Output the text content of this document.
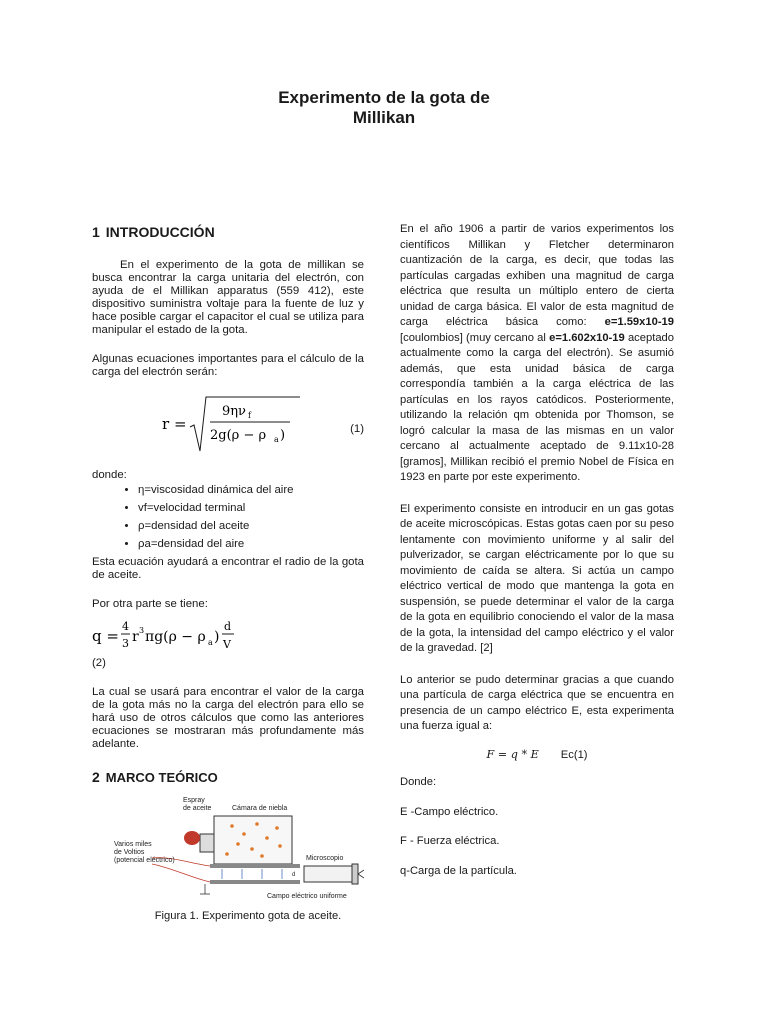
Experimento de la gota de
Millikan
1 INTRODUCCIÓN

En el experimento de la gota de millikan se busca encontrar la carga unitaria del electrón, con ayuda de el Millikan apparatus (559 412), este dispositivo suministra voltaje para la fuente de luz y hace posible cargar el capacitor el cual se utiliza para manipular el estado de la gota.

Algunas ecuaciones importantes para el cálculo de la carga del electrón serán:

r =
9ην f
2g(ρ − ρ a )	(1)
donde:
• η=viscosidad dinámica del aire
• vf=velocidad terminal
• ρ=densidad del aceite
• ρa=densidad del aire

Esta ecuación ayudará a encontrar el radio de la gota de aceite.

Por otra parte se tiene:

q =
4
3 r 3 πg(ρ − ρ a )
d
V
(2)

La cual se usará para encontrar el valor de la carga de la gota más no la carga del electrón para ello se hará uso de otros cálculos que como las anteriores ecuaciones se mostraran más profundamente más adelante.

2 MARCO TEÓRICO
Espray
de aceite	Cámara de niebla
Varios miles
de Voltios
(potencial eléctrico)	Microscopio
Campo eléctrico uniforme
d
Figura 1. Experimento gota de aceite.

En el año 1906 a partir de varios experimentos los científicos Millikan y Fletcher determinaron cuantización de la carga, es decir, que todas las partículas cargadas exhiben una magnitud de carga eléctrica que resulta un múltiplo entero de cierta unidad de carga básica. El valor de esta magnitud de carga eléctrica básica como: e=1.59x10-19 [coulombios] (muy cercano al e=1.602x10-19 aceptado actualmente como la carga del electrón). Se asumió además, que esta unidad básica de carga correspondía también a la carga eléctrica de las partículas en los rayos catódicos. Posteriormente, utilizando la relación qm obtenida por Thomson, se logró calcular la masa de las mismas en un valor cercano al actualmente aceptado de 9.11x10-28 [gramos], Millikan recibió el premio Nobel de Física en 1923 en parte por este experimento.

El experimento consiste en introducir en un gas gotas de aceite microscópicas. Estas gotas caen por su peso lentamente con movimiento uniforme y al salir del pulverizador, se cargan eléctricamente por lo que su movimiento de caída se altera. Si actúa un campo eléctrico vertical de modo que mantenga la gota en suspensión, se puede determinar el valor de la carga de la gota en equilibrio conociendo el valor de la masa de la gota, la intensidad del campo eléctrico y el valor de la gravedad. [2]

Lo anterior se pudo determinar gracias a que cuando una partícula de carga eléctrica que se encuentra en presencia de un campo eléctrico E, esta experimenta una fuerza igual a:

F = q * E Ec(1)
Donde:
E -Campo eléctrico.
F - Fuerza eléctrica.
q-Carga de la partícula.
